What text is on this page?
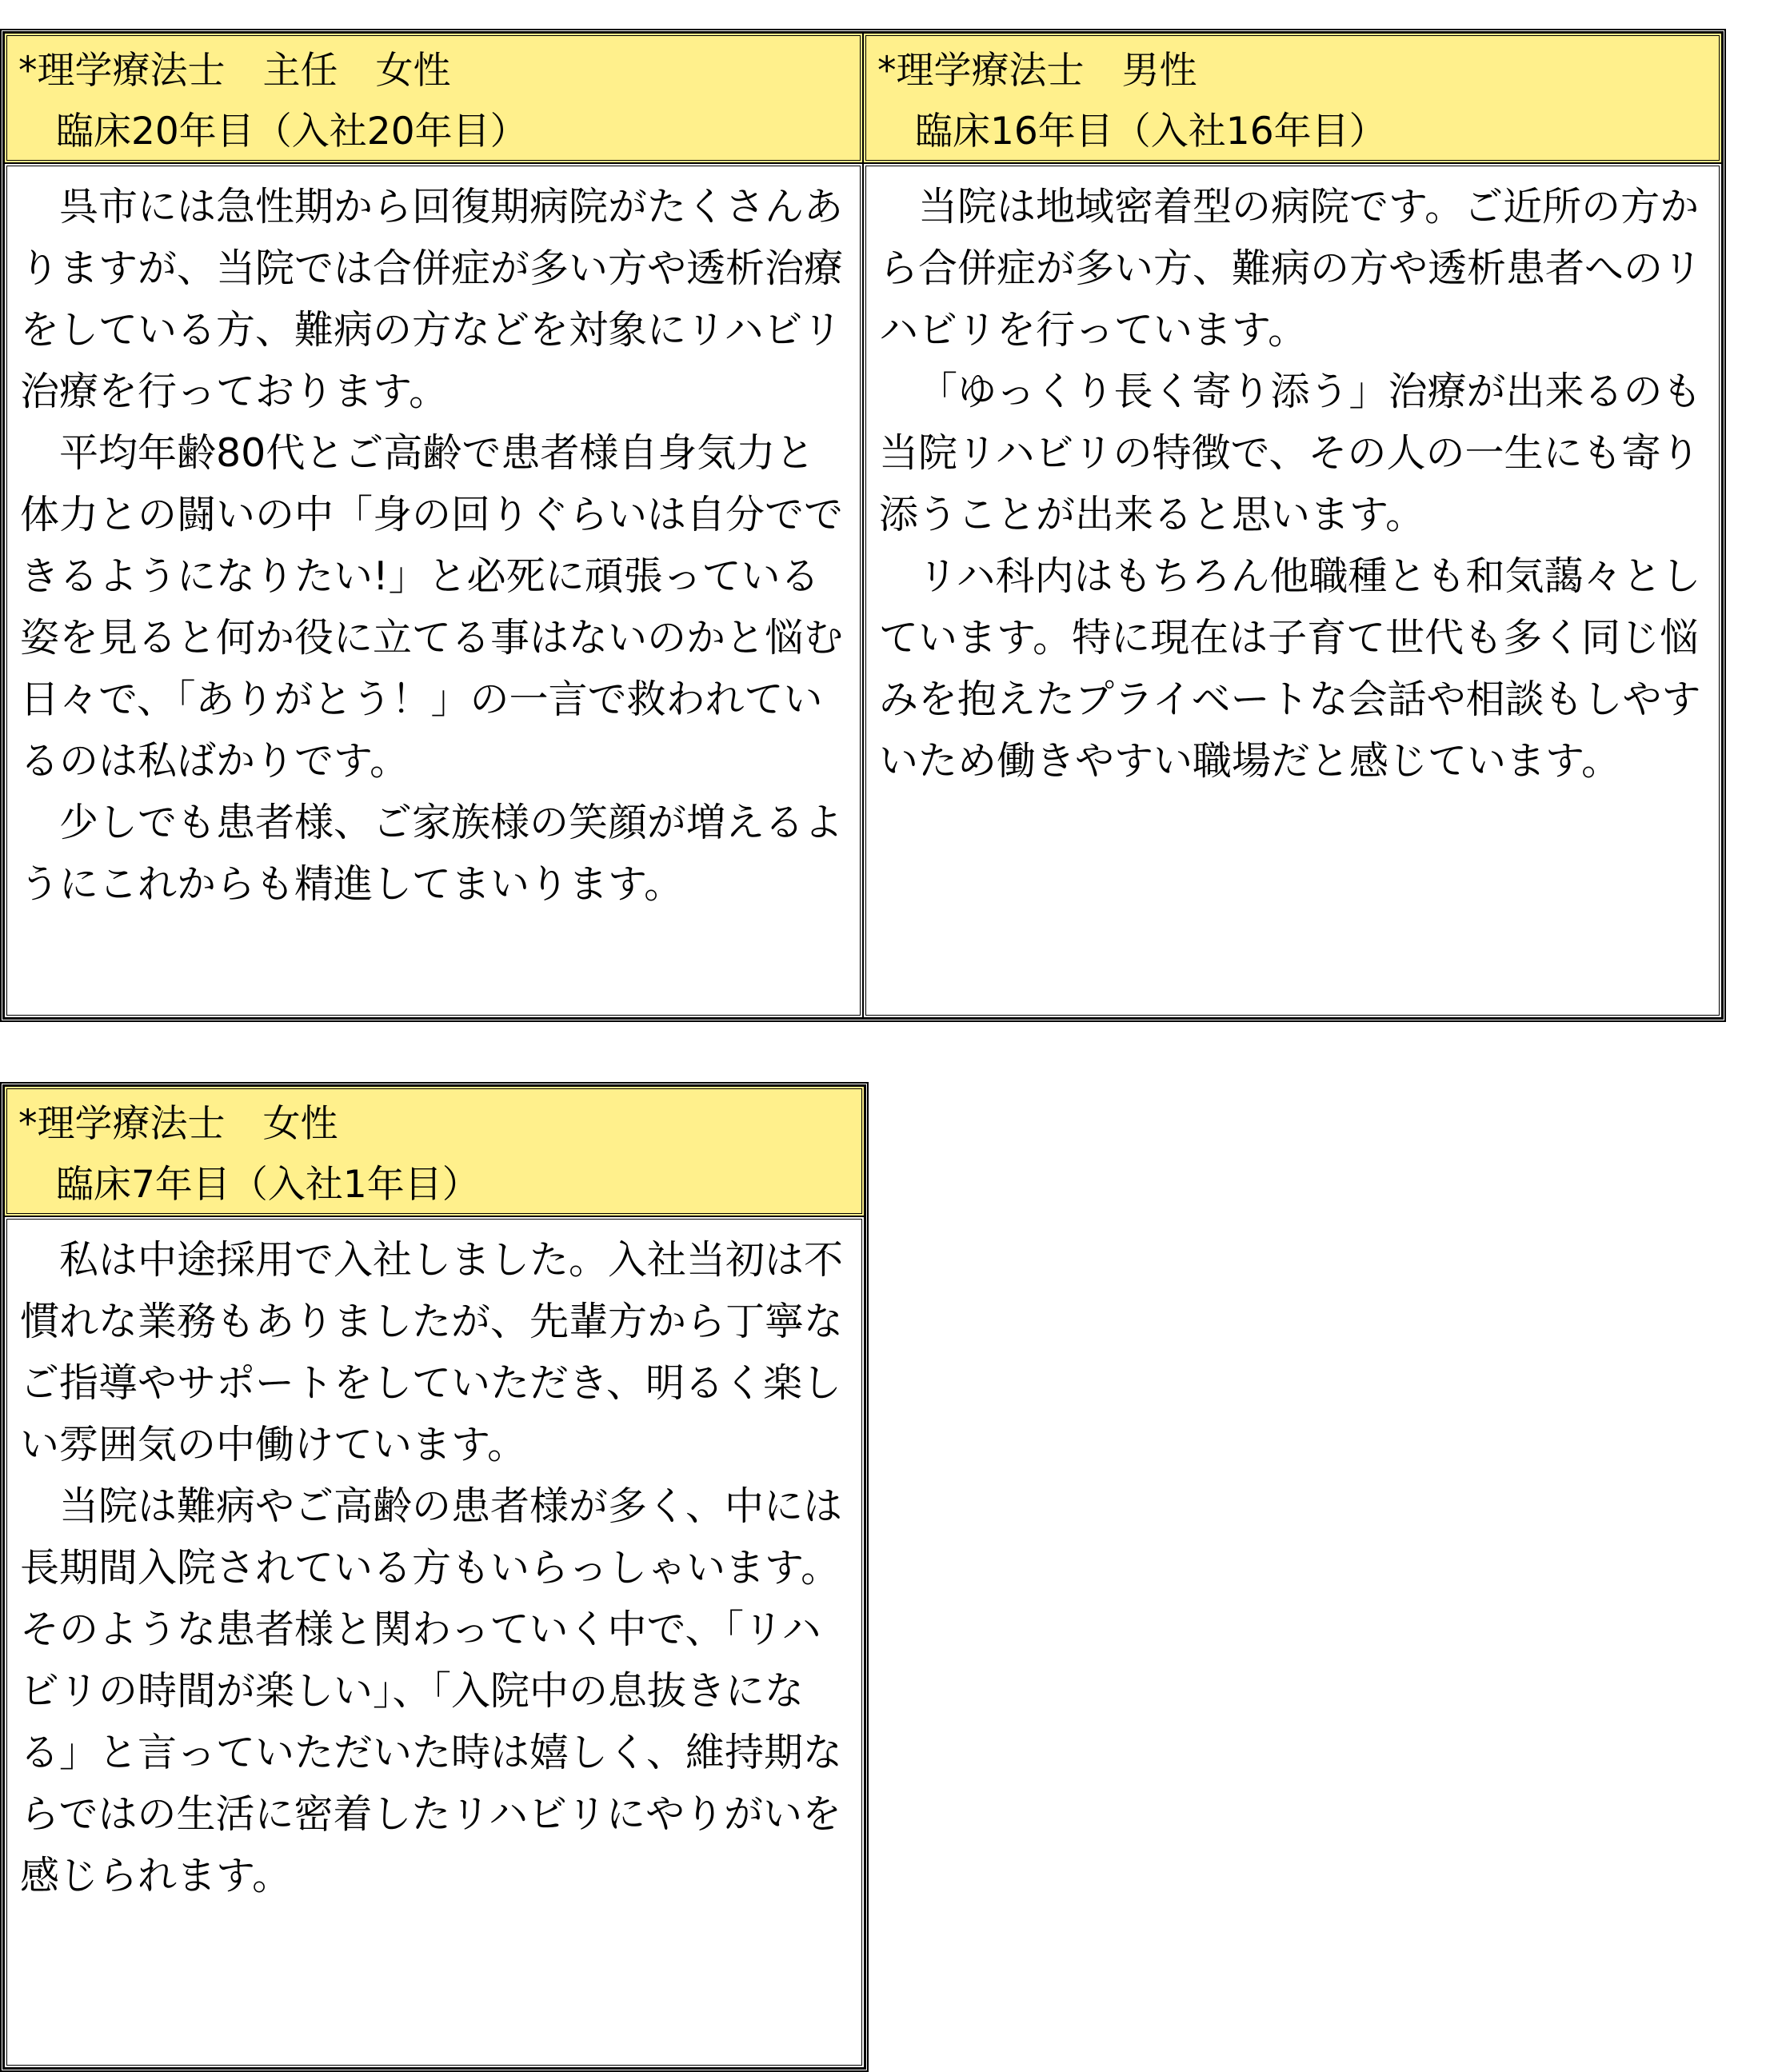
*理学療法士　主任　女性
　臨床20年目（入社20年目）
*理学療法士　男性
　臨床16年目（入社16年目）

呉市には急性期から回復期病院がたくさんありますが、当院では合併症が多い方や透析治療をしている方、難病の方などを対象にリハビリ治療を行っております。

平均年齢80代とご高齢で患者様自身気力と体力との闘いの中「身の回りぐらいは自分でできるようになりたい!」と必死に頑張っている姿を見ると何か役に立てる事はないのかと悩む日々で、「ありがとう！」の一言で救われているのは私ばかりです。

少しでも患者様、ご家族様の笑顔が増えるようにこれからも精進してまいります。

当院は地域密着型の病院です。ご近所の方から合併症が多い方、難病の方や透析患者へのリハビリを行っています。

「ゆっくり長く寄り添う」治療が出来るのも当院リハビリの特徴で、その人の一生にも寄り添うことが出来ると思います。

リハ科内はもちろん他職種とも和気藹々としています。特に現在は子育て世代も多く同じ悩みを抱えたプライベートな会話や相談もしやすいため働きやすい職場だと感じています。

*理学療法士　女性
　臨床7年目（入社1年目）

私は中途採用で入社しました。入社当初は不慣れな業務もありましたが、先輩方から丁寧なご指導やサポートをしていただき、明るく楽しい雰囲気の中働けています。

当院は難病やご高齢の患者様が多く、中には長期間入院されている方もいらっしゃいます。そのような患者様と関わっていく中で、「リハビリの時間が楽しい」、「入院中の息抜きになる」と言っていただいた時は嬉しく、維持期ならではの生活に密着したリハビリにやりがいを感じられます。
